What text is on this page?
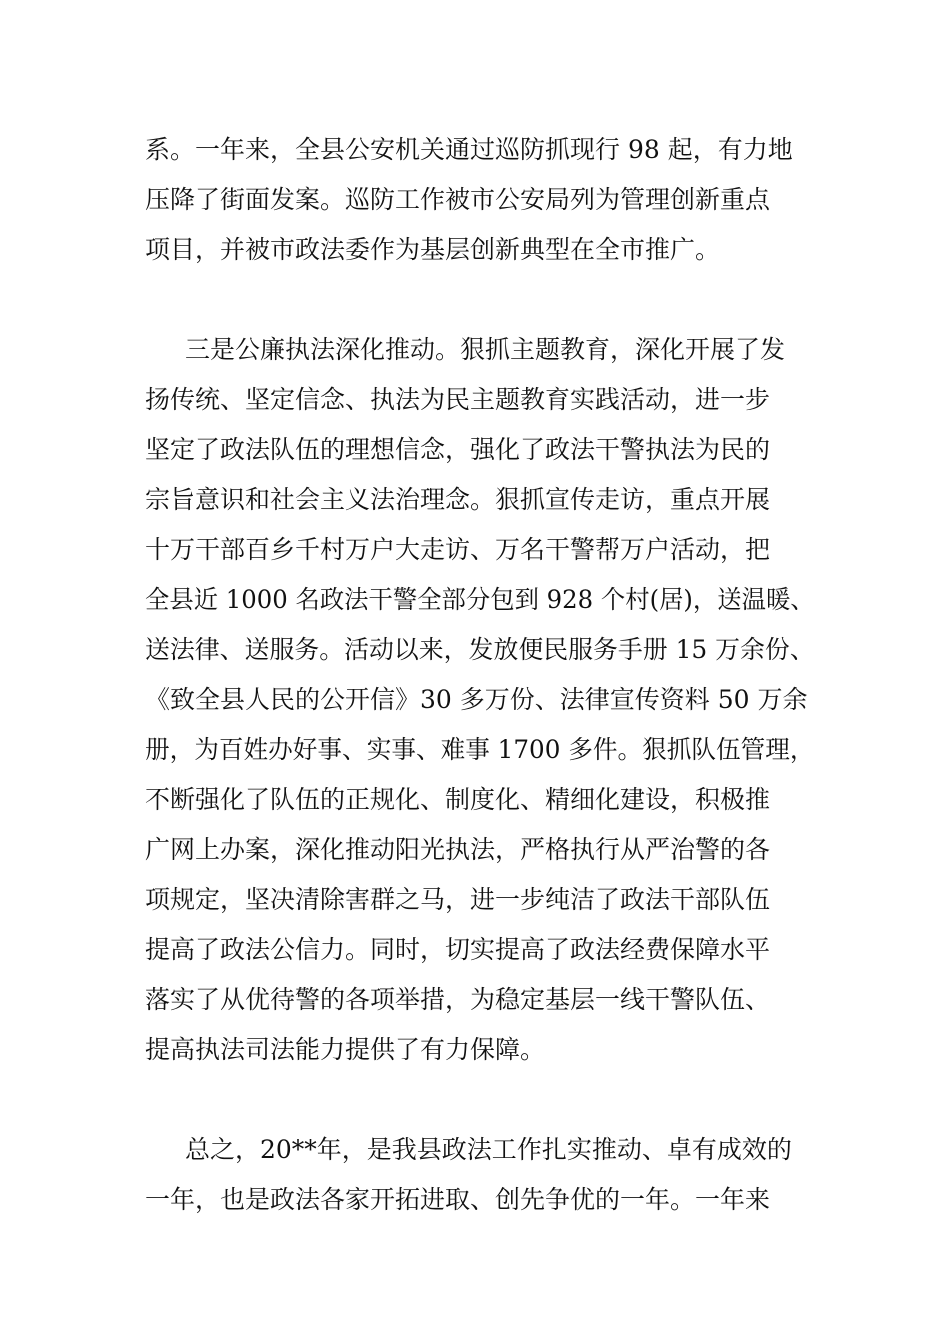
系。一年来，全县公安机关通过巡防抓现行 98 起，有力地
压降了街面发案。巡防工作被市公安局列为管理创新重点
项目，并被市政法委作为基层创新典型在全市推广。
三是公廉执法深化推动。狠抓主题教育，深化开展了发
扬传统、坚定信念、执法为民主题教育实践活动，进一步
坚定了政法队伍的理想信念，强化了政法干警执法为民的
宗旨意识和社会主义法治理念。狠抓宣传走访，重点开展
十万干部百乡千村万户大走访、万名干警帮万户活动，把
全县近 1000 名政法干警全部分包到 928 个村(居)，送温暖、
送法律、送服务。活动以来，发放便民服务手册 15 万余份、
《致全县人民的公开信》30 多万份、法律宣传资料 50 万余
册，为百姓办好事、实事、难事 1700 多件。狠抓队伍管理，
不断强化了队伍的正规化、制度化、精细化建设，积极推
广网上办案，深化推动阳光执法，严格执行从严治警的各
项规定，坚决清除害群之马，进一步纯洁了政法干部队伍
提高了政法公信力。同时，切实提高了政法经费保障水平
落实了从优待警的各项举措，为稳定基层一线干警队伍、
提高执法司法能力提供了有力保障。
总之，20**年，是我县政法工作扎实推动、卓有成效的
一年，也是政法各家开拓进取、创先争优的一年。一年来
